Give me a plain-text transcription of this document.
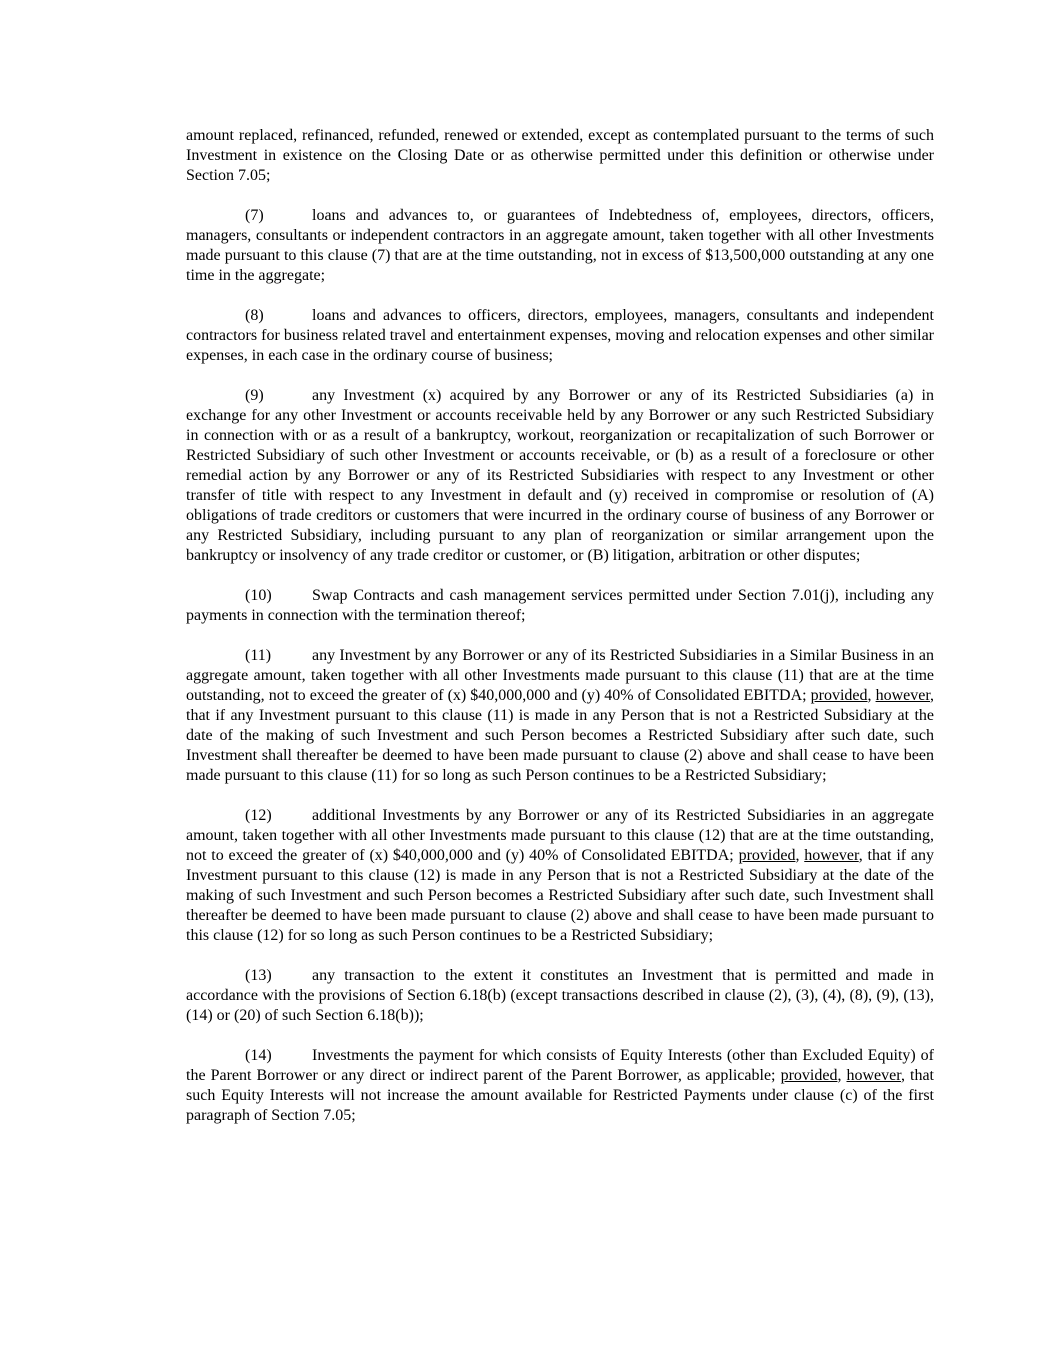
amount replaced, refinanced, refunded, renewed or extended, except as contemplated pursuant to the terms of such Investment in existence on the Closing Date or as otherwise permitted under this definition or otherwise under Section 7.05;

(7)	loans and advances to, or guarantees of Indebtedness of, employees, directors, officers, managers, consultants or independent contractors in an aggregate amount, taken together with all other Investments made pursuant to this clause (7) that are at the time outstanding, not in excess of $13,500,000 outstanding at any one time in the aggregate;

(8)	loans and advances to officers, directors, employees, managers, consultants and independent contractors for business related travel and entertainment expenses, moving and relocation expenses and other similar expenses, in each case in the ordinary course of business;

(9)	any Investment (x) acquired by any Borrower or any of its Restricted Subsidiaries (a) in exchange for any other Investment or accounts receivable held by any Borrower or any such Restricted Subsidiary in connection with or as a result of a bankruptcy, workout, reorganization or recapitalization of such Borrower or Restricted Subsidiary of such other Investment or accounts receivable, or (b) as a result of a foreclosure or other remedial action by any Borrower or any of its Restricted Subsidiaries with respect to any Investment or other transfer of title with respect to any Investment in default and (y) received in compromise or resolution of (A) obligations of trade creditors or customers that were incurred in the ordinary course of business of any Borrower or any Restricted Subsidiary, including pursuant to any plan of reorganization or similar arrangement upon the bankruptcy or insolvency of any trade creditor or customer, or (B) litigation, arbitration or other disputes;

(10)	Swap Contracts and cash management services permitted under Section 7.01(j), including any payments in connection with the termination thereof;

(11)	any Investment by any Borrower or any of its Restricted Subsidiaries in a Similar Business in an aggregate amount, taken together with all other Investments made pursuant to this clause (11) that are at the time outstanding, not to exceed the greater of (x) $40,000,000 and (y) 40% of Consolidated EBITDA; provided, however, that if any Investment pursuant to this clause (11) is made in any Person that is not a Restricted Subsidiary at the date of the making of such Investment and such Person becomes a Restricted Subsidiary after such date, such Investment shall thereafter be deemed to have been made pursuant to clause (2) above and shall cease to have been made pursuant to this clause (11) for so long as such Person continues to be a Restricted Subsidiary;

(12)	additional Investments by any Borrower or any of its Restricted Subsidiaries in an aggregate amount, taken together with all other Investments made pursuant to this clause (12) that are at the time outstanding, not to exceed the greater of (x) $40,000,000 and (y) 40% of Consolidated EBITDA; provided, however, that if any Investment pursuant to this clause (12) is made in any Person that is not a Restricted Subsidiary at the date of the making of such Investment and such Person becomes a Restricted Subsidiary after such date, such Investment shall thereafter be deemed to have been made pursuant to clause (2) above and shall cease to have been made pursuant to this clause (12) for so long as such Person continues to be a Restricted Subsidiary;

(13)	any transaction to the extent it constitutes an Investment that is permitted and made in accordance with the provisions of Section 6.18(b) (except transactions described in clause (2), (3), (4), (8), (9), (13), (14) or (20) of such Section 6.18(b));

(14)	Investments the payment for which consists of Equity Interests (other than Excluded Equity) of the Parent Borrower or any direct or indirect parent of the Parent Borrower, as applicable; provided, however, that such Equity Interests will not increase the amount available for Restricted Payments under clause (c) of the first paragraph of Section 7.05;
